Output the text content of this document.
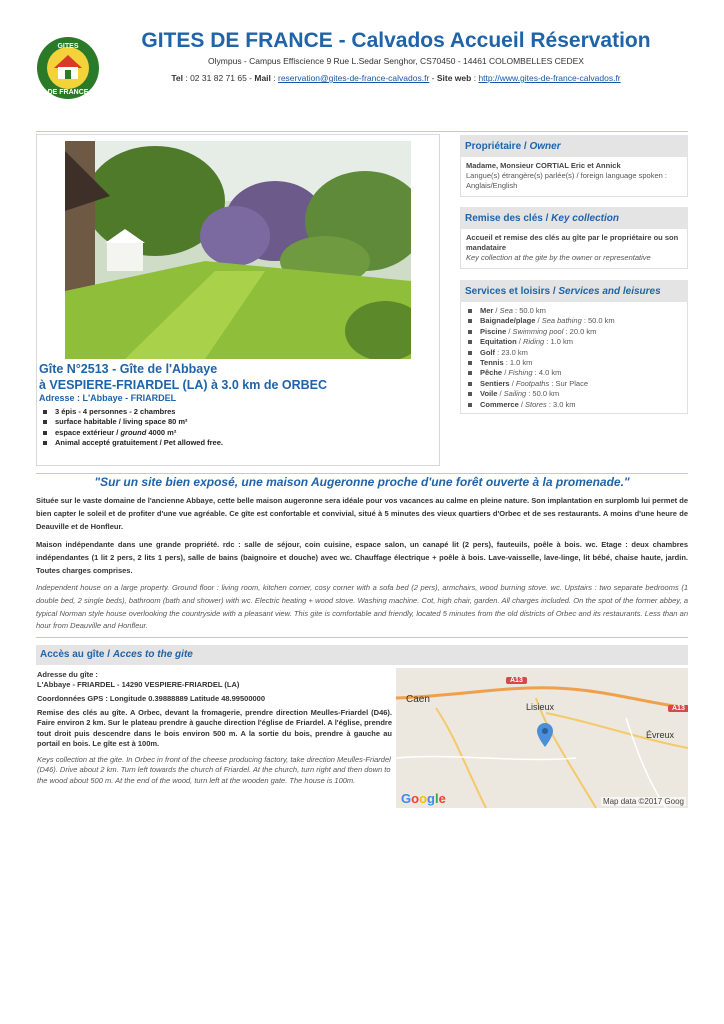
GITES
DE FRANCE
GITES DE FRANCE - Calvados Accueil Réservation
Olympus - Campus Effiscience 9 Rue L.Sedar Senghor, CS70450 - 14461 COLOMBELLES CEDEX
Tel : 02 31 82 71 65 - Mail : reservation@gites-de-france-calvados.fr - Site web : http://www.gites-de-france-calvados.fr
Gîte N°2513 - Gîte de l'Abbaye
à VESPIERE-FRIARDEL (LA) à 3.0 km de ORBEC
Adresse : L'Abbaye - FRIARDEL
3 épis - 4 personnes - 2 chambres
surface habitable / living space 80 m²
espace extérieur / ground 4000 m²
Animal accepté gratuitement / Pet allowed free.
Propriétaire / Owner
Madame, Monsieur CORTIAL Eric et Annick
Langue(s) étrangère(s) parlée(s) / foreign language spoken : Anglais/English
Remise des clés / Key collection
Accueil et remise des clés au gîte par le propriétaire ou son mandataire
Key collection at the gite by the owner or representative
Services et loisirs / Services and leisures
Mer / Sea : 50.0 km
Baignade/plage / Sea bathing : 50.0 km
Piscine / Swimming pool : 20.0 km
Equitation / Riding : 1.0 km
Golf : 23.0 km
Tennis : 1.0 km
Pêche / Fishing : 4.0 km
Sentiers / Footpaths : Sur Place
Voile / Sailing : 50.0 km
Commerce / Stores : 3.0 km
"Sur un site bien exposé, une maison Augeronne proche d'une forêt ouverte à la promenade."
Située sur le vaste domaine de l'ancienne Abbaye, cette belle maison augeronne sera idéale pour vos vacances au calme en pleine nature. Son implantation en surplomb lui permet de bien capter le soleil et de profiter d'une vue agréable. Ce gîte est confortable et convivial, situé à 5 minutes des vieux quartiers d'Orbec et de ses restaurants. A moins d'une heure de Deauville et de Honfleur.
Maison indépendante dans une grande propriété. rdc : salle de séjour, coin cuisine, espace salon, un canapé lit (2 pers), fauteuils, poêle à bois. wc. Etage : deux chambres indépendantes (1 lit 2 pers, 2 lits 1 pers), salle de bains (baignoire et douche) avec wc. Chauffage électrique + poêle à bois. Lave-vaisselle, lave-linge, lit bébé, chaise haute, jardin. Toutes charges comprises.
Independent house on a large property. Ground floor : living room, kitchen corner, cosy corner with a sofa bed (2 pers), armchairs, wood burning stove. wc. Upstairs : two separate bedrooms (1 double bed, 2 single beds), bathroom (bath and shower) with wc. Electric heating + wood stove. Washing machine. Cot, high chair, garden. All charges included. On the spot of the former abbey, a typical Norman style house overlooking the countryside with a pleasant view. This gite is comfortable and friendly, located 5 minutes from the old districts of Orbec and its restaurants. Less than an hour from Deauville and Honfleur.
Accès au gîte / Acces to the gite
Adresse du gîte :
L'Abbaye - FRIARDEL - 14290 VESPIERE-FRIARDEL (LA)
Coordonnées GPS : Longitude 0.39888889 Latitude 48.99500000
Remise des clés au gîte. A Orbec, devant la fromagerie, prendre direction Meulles-Friardel (D46). Faire environ 2 km. Sur le plateau prendre à gauche direction l'église de Friardel. A l'église, prendre tout droit puis descendre dans le bois environ 500 m. A la sortie du bois, prendre à gauche au portail en bois. Le gîte est à 100m.
Keys collection at the gite. In Orbec in front of the cheese producing factory, take direction Meulles-Friardel (D46). Drive about 2 km. Turn left towards the church of Friardel. At the church, turn right and then down to the wood about 500 m. At the end of the wood, turn left at the wooden gate. The house is 100m.
Caen
Lisieux
Évreux
A13
A13
Google	Map data ©2017 Goog
